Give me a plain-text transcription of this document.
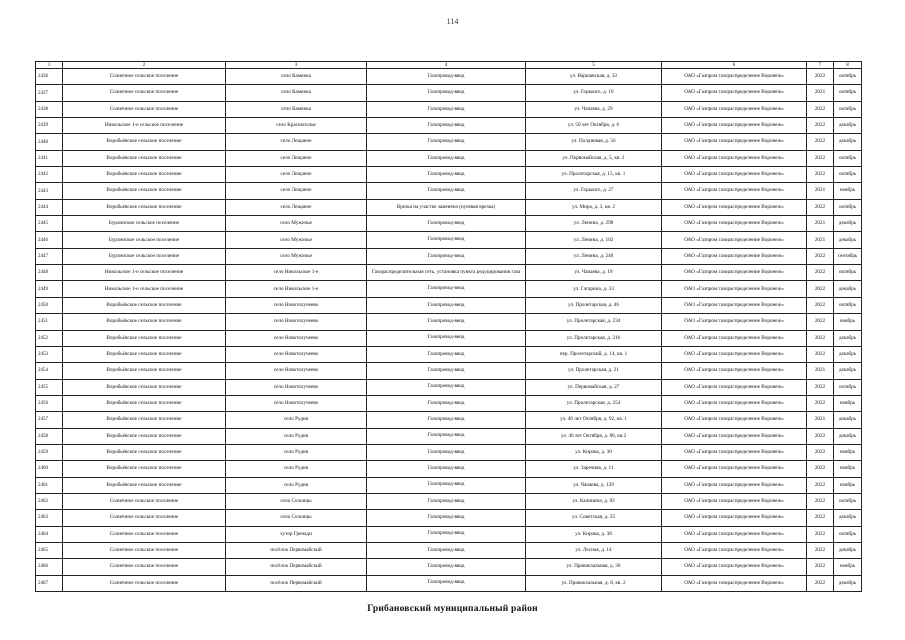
114
1	2	3	4	5	6	7	8
2436	Солнечное сельское поселение	село Каменка	Газопровод-ввод	ул. Варшавская, д. 33	ОАО «Газпром газораспределение Воронеж»	2022	октябрь
2437	Солнечное сельское поселение	село Каменка	Газопровод-ввод	ул. Горького, д. 10	ОАО «Газпром газораспределение Воронеж»	2021	октябрь
2438	Солнечное сельское поселение	село Каменка	Газопровод-ввод	ул. Чапаева, д. 29	ОАО «Газпром газораспределение Воронеж»	2022	октябрь
2439	Никольское 1-е сельское поселение	село Краснополье	Газопровод-ввод	ул. 50 лет Октября, д. 6	ОАО «Газпром газораспределение Воронеж»	2022	декабрь
2440	Воробьёвское сельское поселение	село Лещаное	Газопровод-ввод	ул. Полдневая, д. 56	ОАО «Газпром газораспределение Воронеж»	2022	декабрь
2441	Воробьёвское сельское поселение	село Лещаное	Газопровод-ввод	ул. Первомайская, д. 5, кв. 2	ОАО «Газпром газораспределение Воронеж»	2022	октябрь
2442	Воробьёвское сельское поселение	село Лещаное	Газопровод-ввод	ул. Пролетарская, д. 15, кв. 1	ОАО «Газпром газораспределение Воронеж»	2022	октябрь
2443	Воробьёвское сельское поселение	село Лещаное	Газопровод-ввод	ул. Горького, д. 27	ОАО «Газпром газораспределение Воронеж»	2021	ноябрь
2444	Воробьёвское сельское поселение	село Лещаное	Врезка на участке заменена (нулевая врезка)	ул. Мира, д. 3, кв. 2	ОАО «Газпром газораспределение Воронеж»	2022	октябрь
2445	Бурлинское сельское поселение	село Мужичье	Газопровод-ввод	ул. Ленина, д. 298	ОАО «Газпром газораспределение Воронеж»	2021	декабрь
2446	Бурлинское сельское поселение	село Мужичье	Газопровод-ввод	ул. Ленина, д. 102	ОАО «Газпром газораспределение Воронеж»	2021	декабрь
2447	Бурлинское сельское поселение	село Мужичье	Газопровод-ввод	ул. Ленина, д. 240	ОАО «Газпром газораспределение Воронеж»	2022	сентябрь
2448	Никольское 1-е сельское поселение	село Никольское 1-е	Газораспределительная сеть, установка пункта редуцирования газа	ул. Чапаева, д. 18	ОАО «Газпром газораспределение Воронеж»	2022	октябрь
2449	Никольское 1-е сельское поселение	село Никольское 1-е	Газопровод-ввод	ул. Гагарина, д. 33	ОАО «Газпром газораспределение Воронеж»	2022	декабрь
2450	Воробьёвское сельское поселение	село Новотолучеево	Газопровод-ввод	ул. Пролетарская, д. 46	ОАО «Газпром газораспределение Воронеж»	2022	октябрь
2451	Воробьёвское сельское поселение	село Новотолучеево	Газопровод-ввод	ул. Пролетарская, д. 234	ОАО «Газпром газораспределение Воронеж»	2022	ноябрь
2452	Воробьёвское сельское поселение	село Новотолучеево	Газопровод-ввод	ул. Пролетарская, д. 216	ОАО «Газпром газораспределение Воронеж»	2022	декабрь
2453	Воробьёвское сельское поселение	село Новотолучеево	Газопровод-ввод	пер. Пролетарский, д. 14, кв. 1	ОАО «Газпром газораспределение Воронеж»	2022	декабрь
2454	Воробьёвское сельское поселение	село Новотолучеево	Газопровод-ввод	ул. Пролетарская, д. 21	ОАО «Газпром газораспределение Воронеж»	2021	декабрь
2455	Воробьёвское сельское поселение	село Новотолучеево	Газопровод-ввод	ул. Первомайская, д. 27	ОАО «Газпром газораспределение Воронеж»	2022	октябрь
2456	Воробьёвское сельское поселение	село Новотолучеево	Газопровод-ввод	ул. Пролетарская, д. 254	ОАО «Газпром газораспределение Воронеж»	2022	ноябрь
2457	Воробьёвское сельское поселение	село Рудня	Газопровод-ввод	ул. 40 лет Октября, д. 92, кв. 1	ОАО «Газпром газораспределение Воронеж»	2021	декабрь
2458	Воробьёвское сельское поселение	село Рудня	Газопровод-ввод	ул. 40 лет Октября, д. 80, кв.2	ОАО «Газпром газораспределение Воронеж»	2022	декабрь
2459	Воробьёвское сельское поселение	село Рудня	Газопровод-ввод	ул. Кирова, д. 30	ОАО «Газпром газораспределение Воронеж»	2022	ноябрь
2460	Воробьёвское сельское поселение	село Рудня	Газопровод-ввод	ул. Заречная, д. 11	ОАО «Газпром газораспределение Воронеж»	2022	ноябрь
2461	Воробьёвское сельское поселение	село Рудня	Газопровод-ввод	ул. Чапаева, д. 129	ОАО «Газпром газораспределение Воронеж»	2022	ноябрь
2462	Солнечное сельское поселение	село Солонцы	Газопровод-ввод	ул. Калинина, д. 83	ОАО «Газпром газораспределение Воронеж»	2022	октябрь
2463	Солнечное сельское поселение	село Солонцы	Газопровод-ввод	ул. Советская, д. 25	ОАО «Газпром газораспределение Воронеж»	2022	декабрь
2464	Солнечное сельское поселение	хутор Гренади	Газопровод-ввод	ул. Кирова, д. 38	ОАО «Газпром газораспределение Воронеж»	2022	октябрь
2465	Солнечное сельское поселение	посёлок Первомайский	Газопровод-ввод	ул. Лесная, д. 14	ОАО «Газпром газораспределение Воронеж»	2022	декабрь
2466	Солнечное сельское поселение	посёлок Первомайский	Газопровод-ввод	ул. Привокзальная, д. 36	ОАО «Газпром газораспределение Воронеж»	2022	ноябрь
2467	Солнечное сельское поселение	посёлок Первомайский	Газопровод-ввод	ул. Привокзальная, д. 8, кв. 2	ОАО «Газпром газораспределение Воронеж»	2022	декабрь
Грибановский муниципальный район
